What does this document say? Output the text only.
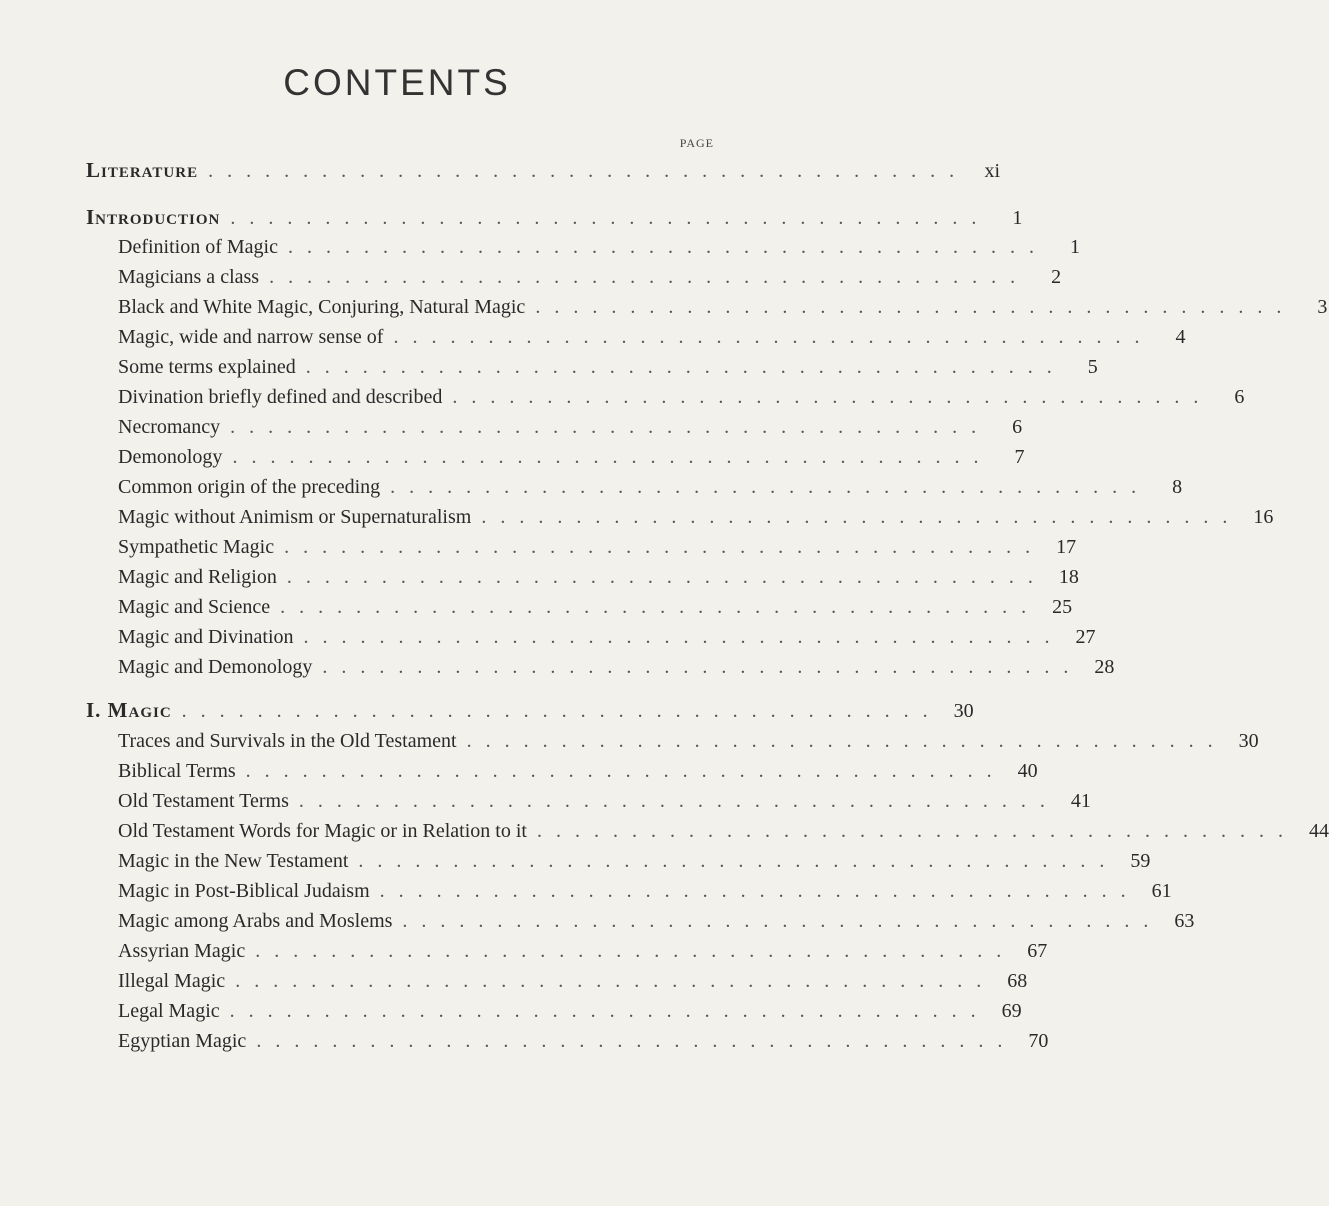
CONTENTS
PAGE
Literature ........................................ xi
Introduction ........................................	1
Definition of Magic ........................................	1
Magicians a class ........................................	2
Black and White Magic, Conjuring, Natural Magic ........................................	3
Magic, wide and narrow sense of ........................................	4
Some terms explained ........................................	5
Divination briefly defined and described ........................................	6
Necromancy ........................................	6
Demonology ........................................	7
Common origin of the preceding ........................................	8
Magic without Animism or Supernaturalism ........................................ 16
Sympathetic Magic ........................................ 17
Magic and Religion ........................................ 18
Magic and Science ........................................ 25
Magic and Divination ........................................ 27
Magic and Demonology ........................................ 28
I. Magic ........................................ 30
Traces and Survivals in the Old Testament ........................................ 30
Biblical Terms ........................................ 40
Old Testament Terms ........................................ 41
Old Testament Words for Magic or in Relation to it ........................................ 44
Magic in the New Testament ........................................ 59
Magic in Post-Biblical Judaism ........................................ 61
Magic among Arabs and Moslems ........................................ 63
Assyrian Magic ........................................ 67
Illegal Magic ........................................ 68
Legal Magic ........................................ 69
Egyptian Magic ........................................ 70
